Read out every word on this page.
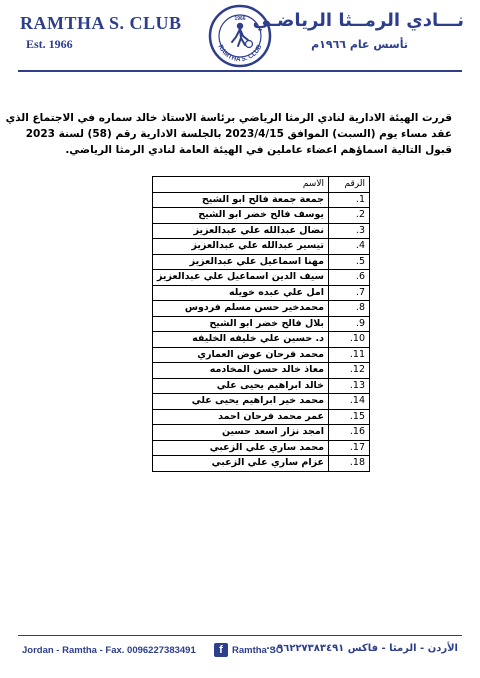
RAMTHA S. CLUB
Est. 1966	RAMTHA S. CLUB
1966 نـــادي الرمــثا الرياضـي
تأسس عام ١٩٦٦م
قررت الهيئة الادارية لنادي الرمثا الرياضي برئاسة الاستاذ خالد سماره في الاجتماع الذي
عقد مساء يوم (السبت) الموافق 2023/4/15 بالجلسة الادارية رقم (58) لسنة 2023
قبول التالية اسماؤهم اعضاء عاملين في الهيئة العامة لنادي الرمثا الرياضي.
الرقم	الاسم
1.	جمعة جمعة فالح ابو الشيح
2.	يوسف فالح خضر ابو الشيح
3.	نضال عبدالله علي عبدالعزيز
4.	تيسير عبدالله علي عبدالعزيز
5.	مهنا اسماعيل علي عبدالعزيز
6.	سيف الدين اسماعيل علي عبدالعزيز
7.	امل علي عبده خويله
8.	محمدخير حسن مسلم فردوس
9.	بلال فالح خضر ابو الشيح
10.	د. حسين علي خليفه الخليفه
11.	محمد فرحان عوض العماري
12.	معاذ خالد حسن المخادمه
13.	خالد ابراهيم يحيى علي
14.	محمد خير ابراهيم يحيى علي
15.	عمر محمد فرحان احمد
16.	امجد نزار اسعد حسين
17.	محمد ساري علي الزعبي
18.	عزام ساري علي الزعبي
Jordan - Ramtha - Fax. 0096227383491	f Ramtha SC
الأردن - الرمثا - فاكس ٠٠٩٦٢٢٧٣٨٣٤٩١
